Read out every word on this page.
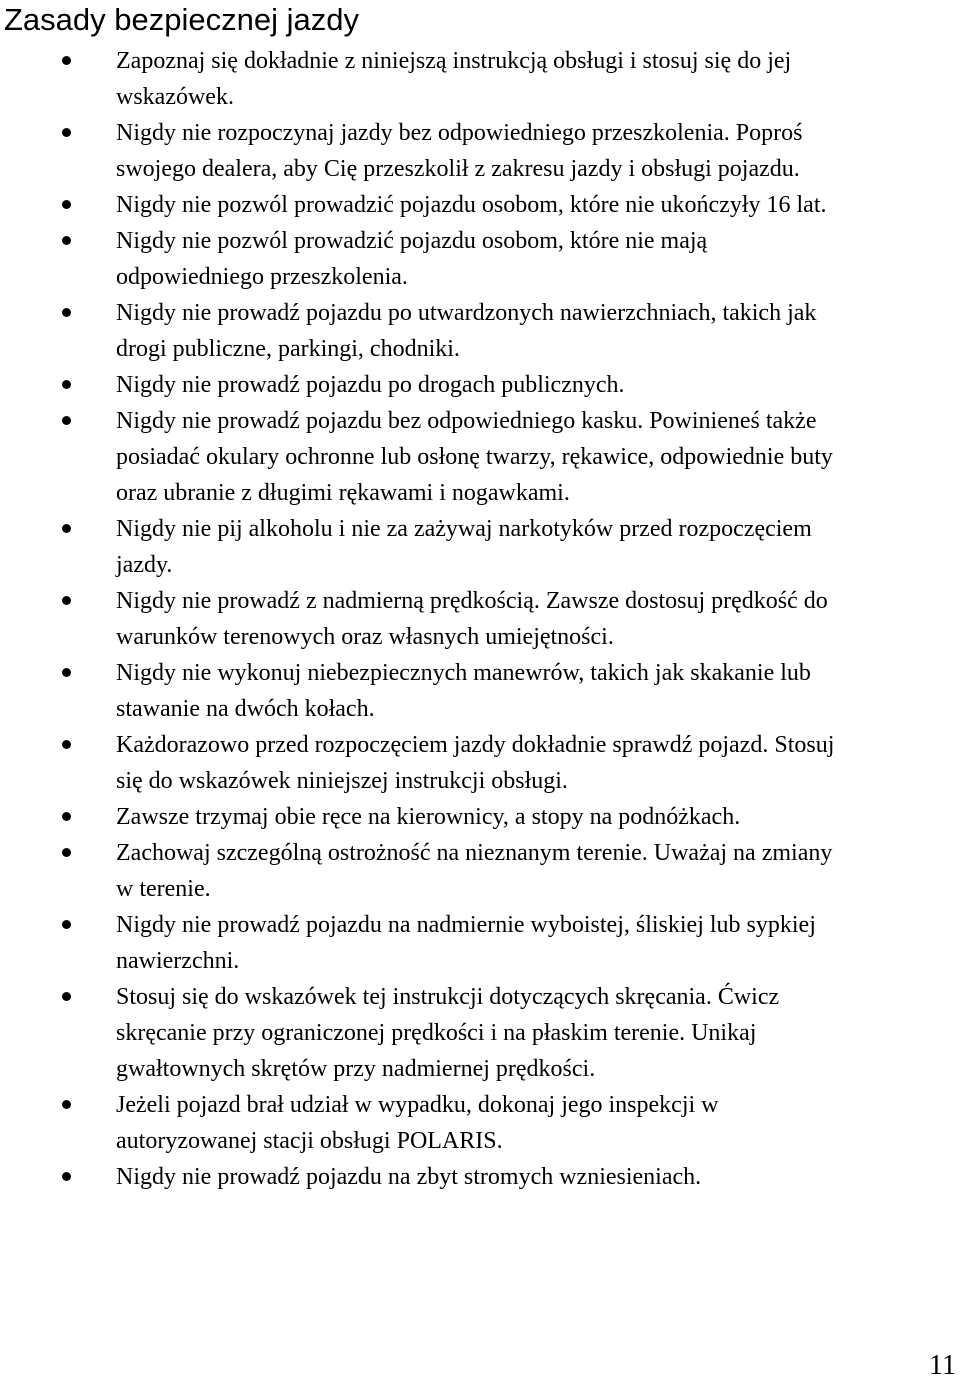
Zasady bezpiecznej jazdy
Zapoznaj się dokładnie z niniejszą instrukcją obsługi i stosuj się do jej wskazówek.
Nigdy nie rozpoczynaj jazdy bez odpowiedniego przeszkolenia. Poproś swojego dealera, aby Cię przeszkolił z zakresu jazdy i obsługi pojazdu.
Nigdy nie pozwól prowadzić pojazdu osobom, które nie ukończyły 16 lat.
Nigdy nie pozwól prowadzić pojazdu osobom, które nie mają odpowiedniego przeszkolenia.
Nigdy nie prowadź pojazdu po utwardzonych nawierzchniach, takich jak drogi publiczne, parkingi, chodniki.
Nigdy nie prowadź pojazdu po drogach publicznych.
Nigdy nie prowadź pojazdu bez odpowiedniego kasku. Powinieneś także posiadać okulary ochronne lub osłonę twarzy, rękawice, odpowiednie buty oraz ubranie z długimi rękawami i nogawkami.
Nigdy nie pij alkoholu i nie za zażywaj narkotyków przed rozpoczęciem jazdy.
Nigdy nie prowadź z nadmierną prędkością. Zawsze dostosuj prędkość do warunków terenowych oraz własnych umiejętności.
Nigdy nie wykonuj niebezpiecznych manewrów, takich jak skakanie lub stawanie na dwóch kołach.
Każdorazowo przed rozpoczęciem jazdy dokładnie sprawdź pojazd. Stosuj się do wskazówek niniejszej instrukcji obsługi.
Zawsze trzymaj obie ręce na kierownicy, a stopy na podnóżkach.
Zachowaj szczególną ostrożność na nieznanym terenie. Uważaj na zmiany w terenie.
Nigdy nie prowadź pojazdu na nadmiernie wyboistej, śliskiej lub sypkiej nawierzchni.
Stosuj się do wskazówek tej instrukcji dotyczących skręcania. Ćwicz skręcanie przy ograniczonej prędkości i na płaskim terenie. Unikaj gwałtownych skrętów przy nadmiernej prędkości.
Jeżeli pojazd brał udział w wypadku, dokonaj jego inspekcji w autoryzowanej stacji obsługi POLARIS.
Nigdy nie prowadź pojazdu na zbyt stromych wzniesieniach.
11
